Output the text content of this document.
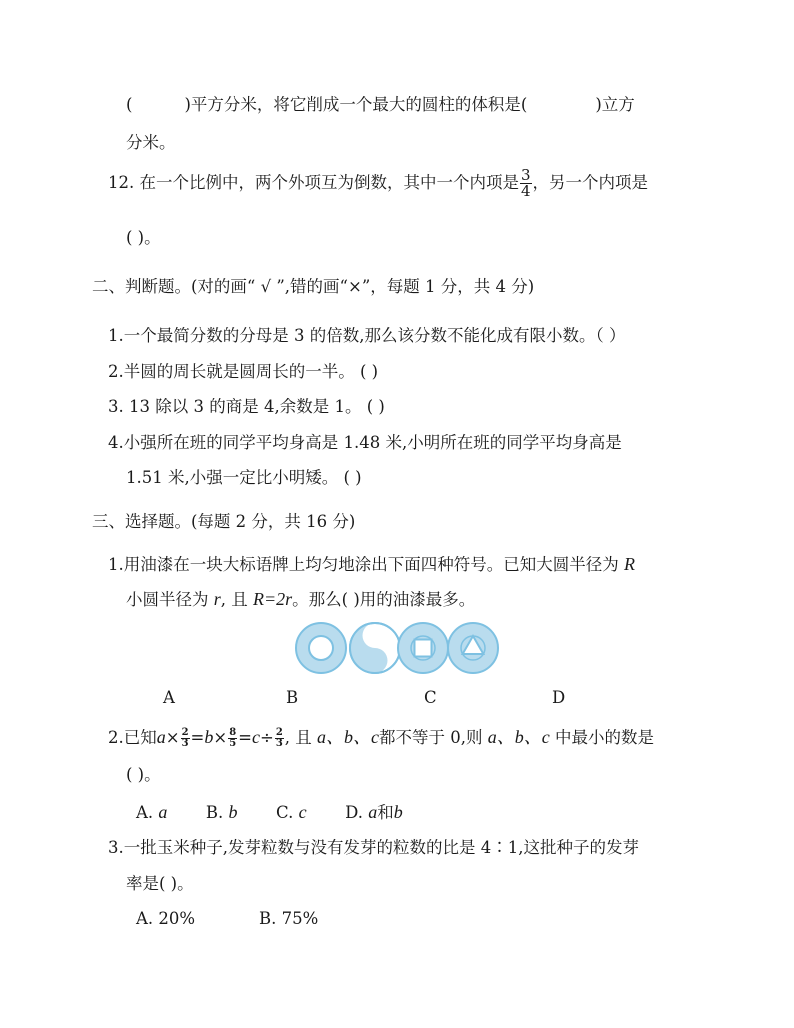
(	)平方分米，将它削成一个最大的圆柱的体积是(	)立方
分米。
12. 在一个比例中，两个外项互为倒数，其中一个内项是 $\frac{3}{4}$ ，另一个内项是
( )。
二、判断题。(对的画“ √ ”,错的画“×”，每题 1 分，共 4 分)
1.一个最简分数的分母是 3 的倍数,那么该分数不能化成有限小数。（ ）
2.半圆的周长就是圆周长的一半。 ( )
3. 13 除以 3 的商是 4,余数是 1。 ( )
4.小强所在班的同学平均身高是 1.48 米,小明所在班的同学平均身高是
1.51 米,小强一定比小明矮。 ( )
三、选择题。(每题 2 分，共 16 分)
1.用油漆在一块大标语牌上均匀地涂出下面四种符号。已知大圆半径为 R
小圆半径为 r, 且 R=2r。那么( )用的油漆最多。
A	B	C	D
2.已知$a\times \frac{2}{3} =b\times \frac{8}{5} =c\div \frac{2}{3}$ , 且 a、b、c都不等于 0,则 a、b、c 中最小的数是
( )。
A. a B. b C. c D. a和b
3.一批玉米种子,发芽粒数与没有发芽的粒数的比是 4∶1,这批种子的发芽
率是( )。
A. 20%	B. 75%
